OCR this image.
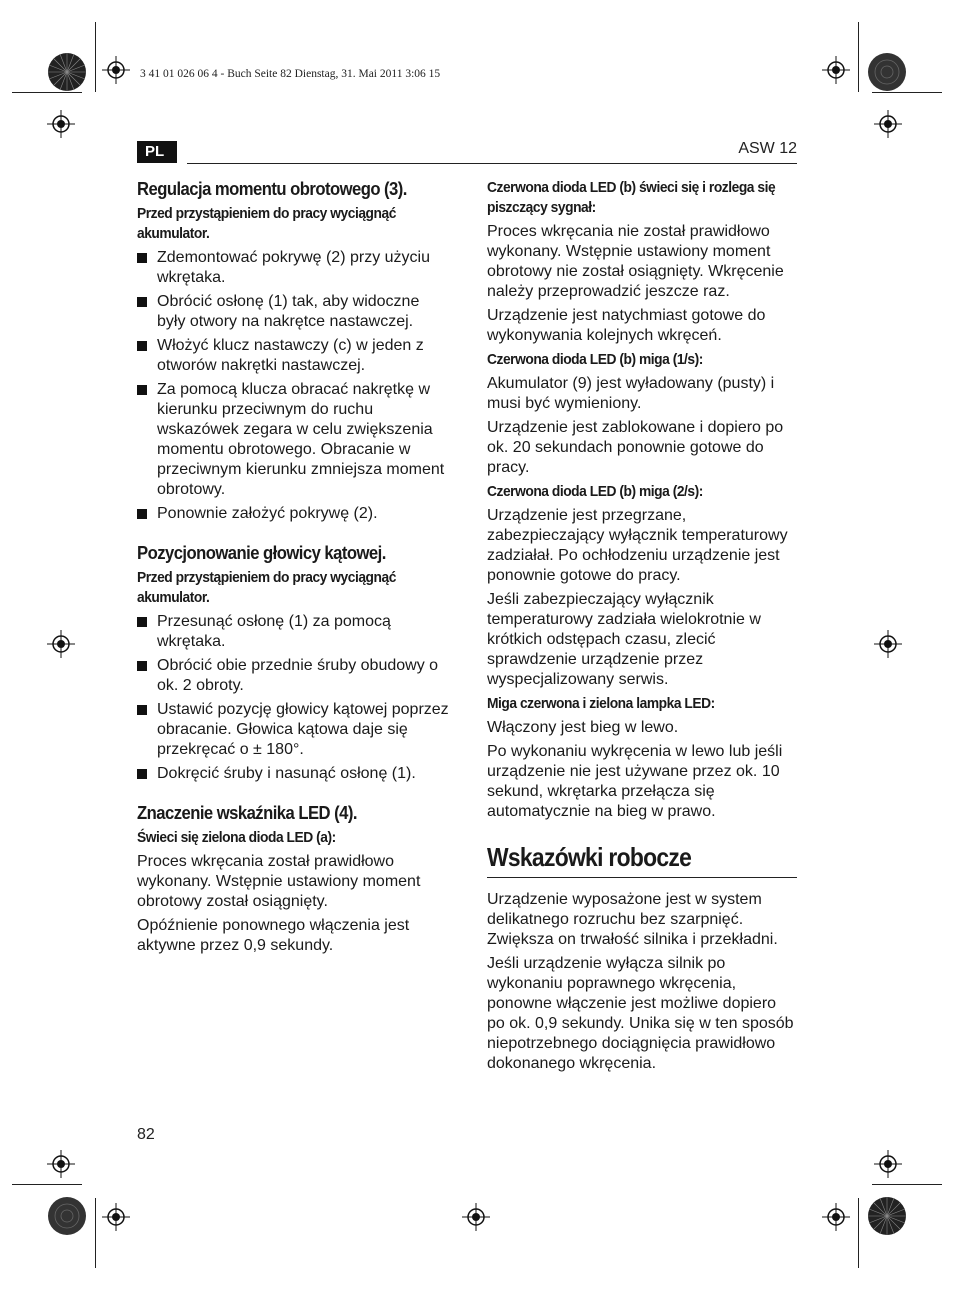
3 41 01 026 06 4 - Buch Seite 82 Dienstag, 31. Mai 2011 3:06 15
PL	ASW 12
Regulacja momentu obrotowego (3).
Przed przystąpieniem do pracy wyciągnąć akumulator.
Zdemontować pokrywę (2) przy użyciu wkrętaka.
Obrócić osłonę (1) tak, aby widoczne były otwory na nakrętce nastawczej.
Włożyć klucz nastawczy (c) w jeden z otworów nakrętki nastawczej.
Za pomocą klucza obracać nakrętkę w kierunku przeciwnym do ruchu wskazówek zegara w celu zwiększenia momentu obrotowego. Obracanie w przeciwnym kierunku zmniejsza moment obrotowy.
Ponownie założyć pokrywę (2).
Pozycjonowanie głowicy kątowej.
Przed przystąpieniem do pracy wyciągnąć akumulator.
Przesunąć osłonę (1) za pomocą wkrętaka.
Obrócić obie przednie śruby obudowy o ok. 2 obroty.
Ustawić pozycję głowicy kątowej poprzez obracanie. Głowica kątowa daje się przekręcać o ± 180°.
Dokręcić śruby i nasunąć osłonę (1).
Znaczenie wskaźnika LED (4).
Świeci się zielona dioda LED (a):
Proces wkręcania został prawidłowo wykonany. Wstępnie ustawiony moment obrotowy został osiągnięty.
Opóźnienie ponownego włączenia jest aktywne przez 0,9 sekundy.
Czerwona dioda LED (b) świeci się i rozlega się piszczący sygnał:
Proces wkręcania nie został prawidłowo wykonany. Wstępnie ustawiony moment obrotowy nie został osiągnięty. Wkręcenie należy przeprowadzić jeszcze raz.
Urządzenie jest natychmiast gotowe do wykonywania kolejnych wkręceń.
Czerwona dioda LED (b) miga (1/s):
Akumulator (9) jest wyładowany (pusty) i musi być wymieniony.
Urządzenie jest zablokowane i dopiero po ok. 20 sekundach ponownie gotowe do pracy.
Czerwona dioda LED (b) miga (2/s):
Urządzenie jest przegrzane, zabezpieczający wyłącznik temperaturowy zadziałał. Po ochłodzeniu urządzenie jest ponownie gotowe do pracy.
Jeśli zabezpieczający wyłącznik temperaturowy zadziała wielokrotnie w krótkich odstępach czasu, zlecić sprawdzenie urządzenie przez wyspecjalizowany serwis.
Miga czerwona i zielona lampka LED:
Włączony jest bieg w lewo.
Po wykonaniu wykręcenia w lewo lub jeśli urządzenie nie jest używane przez ok. 10 sekund, wkrętarka przełącza się automatycznie na bieg w prawo.
Wskazówki robocze
Urządzenie wyposażone jest w system delikatnego rozruchu bez szarpnięć. Zwiększa on trwałość silnika i przekładni.
Jeśli urządzenie wyłącza silnik po wykonaniu poprawnego wkręcenia, ponowne włączenie jest możliwe dopiero po ok. 0,9 sekundy. Unika się w ten sposób niepotrzebnego dociągnięcia prawidłowo dokonanego wkręcenia.
82
